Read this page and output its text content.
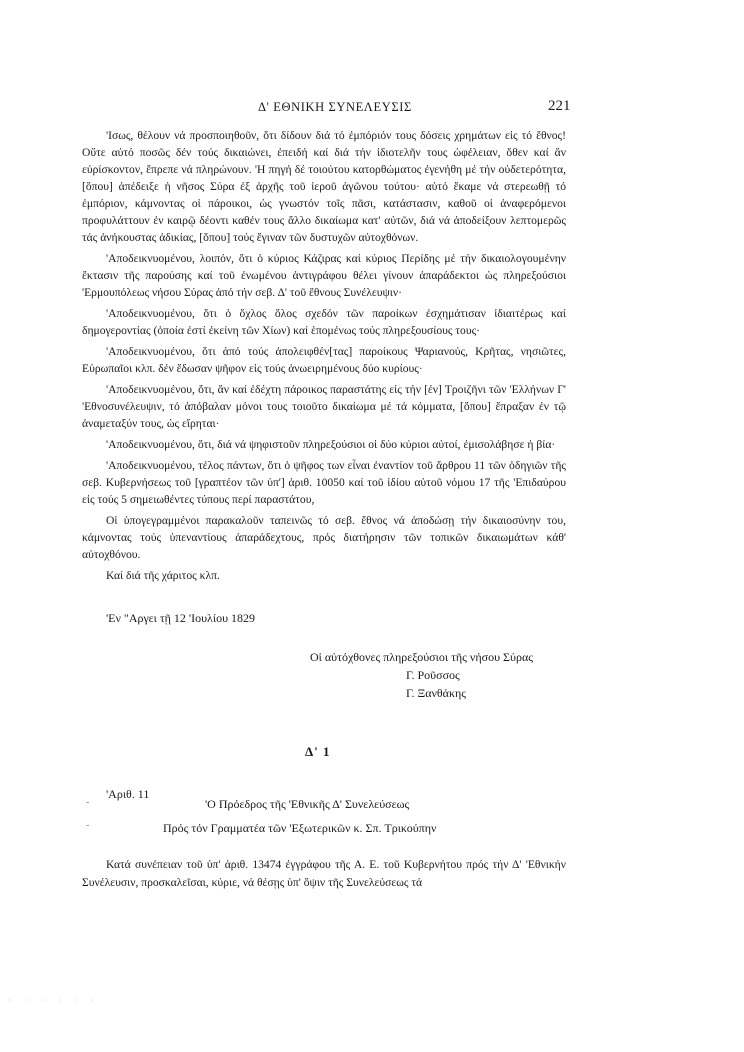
Δ' ΕΘΝΙΚΗ ΣΥΝΕΛΕΥΣΙΣ	221

'Ισως, θέλουν νά προσποιηθοῦν, ὅτι δίδουν διά τό ἐμπόριόν τους δόσεις χρημάτων εἰς τό ἔθνος! Οὔτε αὐτό ποσῶς δέν τούς δικαιώνει, ἐπειδή καί διά τήν ἰδιοτελῆν τους ὠφέλειαν, ὅθεν καί ἄν εὐρίσκοντον, ἔπρεπε νά πληρώνουν. 'Η πηγή δέ τοιούτου κατορθώματος ἐγενήθη μέ τήν οὐδετερότητα, [ὅπου] ἀπέδειξε ἡ νῆσος Σύρα ἐξ ἀρχῆς τοῦ ἱεροῦ ἀγῶνου τούτου· αὐτό ἔκαμε νά στερεωθῇ τό ἐμπόριον, κάμνοντας οἱ πάροικοι, ὡς γνωστόν τοῖς πᾶσι, κατάστασιν, καθοῦ οἱ ἀναφερόμενοι προφυλάττουν ἐν καιρῷ δέοντι καθέν τους ἄλλο δικαίωμα κατ' αὐτῶν, διά νά ἀποδείξουν λεπτομερῶς τάς ἀνήκουστας ἀδικίας, [ὅπου] τούς ἔγιναν τῶν δυστυχῶν αὐτοχθόνων.

'Αποδεικνυομένου, λοιπόν, ὅτι ὁ κύριος Κάζιρας καί κύριος Περίδης μέ τήν δικαιολογουμένην ἔκτασιν τῆς παρούσης καί τοῦ ἐνωμένου ἀντιγράφου θέλει γίνουν ἀπαράδεκτοι ὡς πληρεξούσιοι 'Ερμουπόλεως νήσου Σύρας ἀπό τήν σεβ. Δ' τοῦ ἔθνους Συνέλευψιν·

'Αποδεικνυομένου, ὅτι ὁ ὄχλος ὅλος σχεδόν τῶν παροίκων ἐσχημάτισαν ἰδιαιτέρως καί δημογεροντίας (ὁποία ἐστί ἐκείνη τῶν Χίων) καί ἑπομένως τούς πληρεξουσίους τους·

'Αποδεικνυομένου, ὅτι ἀπό τούς ἀπολειφθέν[τας] παροίκους Ψαριανούς, Κρῆτας, νησιῶτες, Εὐρωπαῖοι κλπ. δέν ἔδωσαν ψῆφον εἰς τούς ἀνωειρημένους δύο κυρίους·

'Αποδεικνυομένου, ὅτι, ἄν καί ἐδέχτη πάροικος παραστάτης εἰς τήν [ἐν] Τροιζῆνι τῶν 'Ελλήνων Γ' 'Εθνοσυνέλευψιν, τό ἀπόβαλαν μόνοι τους τοιοῦτο δικαίωμα μέ τά κόμματα, [ὅπου] ἔπραξαν ἐν τῷ ἀναμεταξύν τους, ὡς εἴρηται·

'Αποδεικνυομένου, ὅτι, διά νά ψηφιστοῦν πληρεξούσιοι οἱ δύο κύριοι αὐτοί, ἐμισολάβησε ἡ βία·

'Αποδεικνυομένου, τέλος πάντων, ὅτι ὁ ψῆφος των εἶναι ἐναντίον τοῦ ἄρθρου 11 τῶν ὁδηγιῶν τῆς σεβ. Κυβερνήσεως τοῦ [γραπτέον τῶν ὑπ'] ἀριθ. 10050 καί τοῦ ἰδίου αὐτοῦ νόμου 17 τῆς 'Επιδαύρου εἰς τούς 5 σημειωθέντες τύπους περί παραστάτου,

Οἱ ὑπογεγραμμένοι παρακαλοῦν ταπεινῶς τό σεβ. ἔθνος νά ἀποδώσῃ τήν δικαιοσύνην του, κάμνοντας τούς ὑπεναντίους ἀπαράδεχτους, πρός διατήρησιν τῶν τοπικῶν δικαιωμάτων κάθ' αὐτοχθόνου.

Καί διά τῆς χάριτος κλπ.

'Εν "Αργει τῇ 12 'Ιουλίου 1829
Οἱ αὐτόχθονες πληρεξούσιοι τῆς νήσου Σύρας
Γ. Ροῦσσος
Γ. Ξανθάκης
Δ' 1
'Αριθ. 11
-	'Ο Πρόεδρος τῆς 'Εθνικῆς Δ' Συνελεύσεως
-	Πρός τόν Γραμματέα τῶν 'Εξωτερικῶν κ. Σπ. Τρικούπην
Κατά συνέπειαν τοῦ ὑπ' ἀριθ. 13474 ἐγγράφου τῆς Α. Ε. τοῦ Κυβερνήτου πρός τήν Δ' 'Εθνικήν Συνέλευσιν, προσκαλεῖσαι, κύριε, νά θέσῃς ὑπ' ὄψιν τῆς Συνελεύσεως τά
· · · · · ·
